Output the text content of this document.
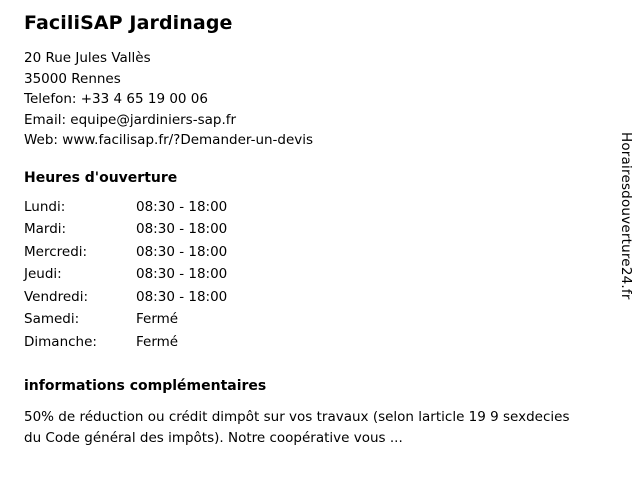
FaciliSAP Jardinage
20 Rue Jules Vallès
35000 Rennes
Telefon: +33 4 65 19 00 06
Email: equipe@jardiniers-sap.fr
Web: www.facilisap.fr/?Demander-un-devis
Heures d'ouverture
Lundi:	08:30 - 18:00
Mardi:	08:30 - 18:00
Mercredi:	08:30 - 18:00
Jeudi:	08:30 - 18:00
Vendredi:	08:30 - 18:00
Samedi:	Fermé
Dimanche:	Fermé
informations complémentaires
50% de réduction ou crédit dimpôt sur vos travaux (selon larticle 19 9 sexdecies du Code général des impôts). Notre coopérative vous ...
Horairesdouverture24.fr
